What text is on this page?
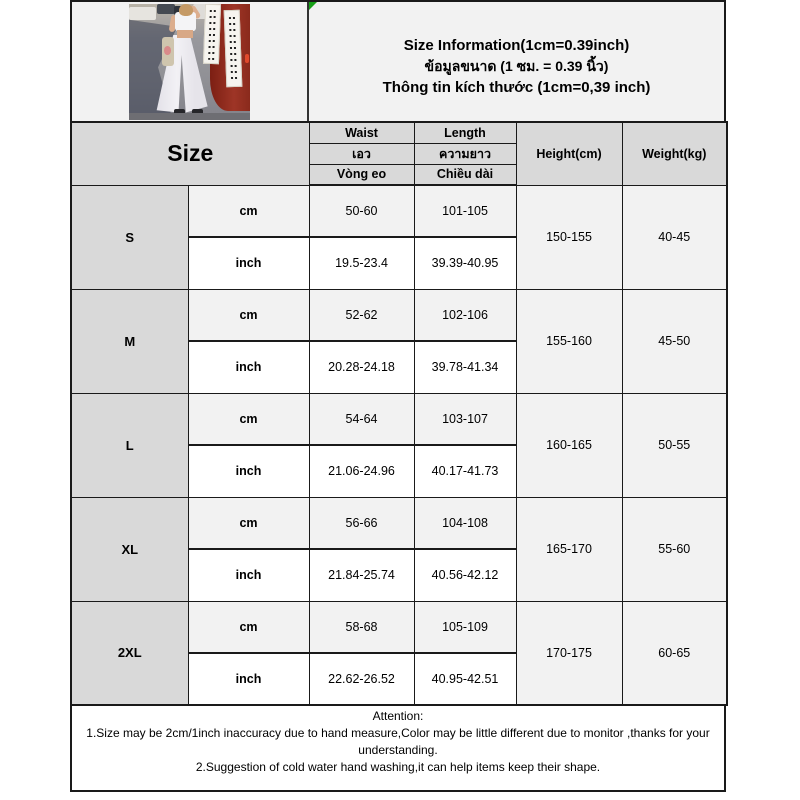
Size Information(1cm=0.39inch)
ข้อมูลขนาด (1 ซม. = 0.39 นิ้ว)
Thông tin kích thước (1cm=0,39 inch)
Size		Waist	Length	Height(cm)	Weight(kg)
		เอว	ความยาว		
		Vòng eo	Chiều dài		
S	cm	50-60	101-105	150-155	40-45
	inch	19.5-23.4	39.39-40.95		
M	cm	52-62	102-106	155-160	45-50
	inch	20.28-24.18	39.78-41.34		
L	cm	54-64	103-107	160-165	50-55
	inch	21.06-24.96	40.17-41.73		
XL	cm	56-66	104-108	165-170	55-60
	inch	21.84-25.74	40.56-42.12		
2XL	cm	58-68	105-109	170-175	60-65
	inch	22.62-26.52	40.95-42.51		
Attention:
1.Size may be 2cm/1inch inaccuracy due to hand measure,Color may be little different due to monitor ,thanks for your understanding.
2.Suggestion of cold water hand washing,it can help items keep their shape.
